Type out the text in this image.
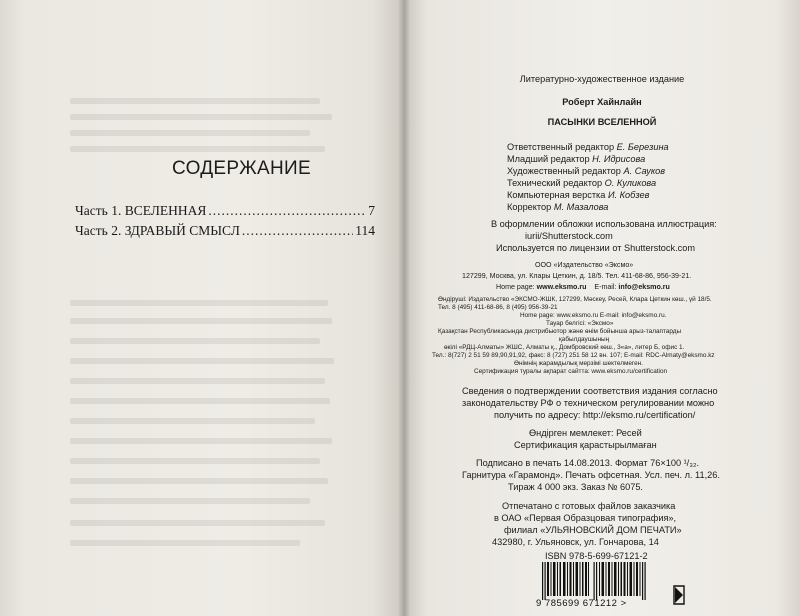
СОДЕРЖАНИЕ
Часть 1. ВСЕЛЕННАЯ .....	7
Часть 2. ЗДРАВЫЙ СМЫСЛ .....	114
Литературно-художественное издание
Роберт Хайнлайн
ПАСЫНКИ ВСЕЛЕННОЙ
Ответственный редактор Е. Березина
Младший редактор Н. Идрисова
Художественный редактор А. Сауков
Технический редактор О. Куликова
Компьютерная верстка И. Кобзев
Корректор М. Мазалова
В оформлении обложки использована иллюстрация:
iurii/Shutterstock.com
Используется по лицензии от Shutterstock.com
ООО «Издательство «Эксмо»
127299, Москва, ул. Клары Цеткин, д. 18/5. Тел. 411-68-86, 956-39-21.
Home page: www.eksmo.ru E-mail: info@eksmo.ru
Өндіруші: Издательство «ЭКСМО-ЖШК, 127299, Мәскеу, Ресей, Клара Цеткин көш., үй 18/5.
Тел. 8 (495) 411-68-86, 8 (495) 956-39-21
Home page: www.eksmo.ru E-mail: info@eksmo.ru.
Тауар белгісі: «Эксмо»
Қазақстан Республикасында дистрибьютор және өнім бойынша арыз-талаптарды
қабылдаушының
өкілі «РДЦ-Алматы» ЖШС, Алматы қ., Домбровский көш., 3«а», литер Б, офис 1.
Тел.: 8(727) 2 51 59 89,90,91,92, факс: 8 (727) 251 58 12 вн. 107; E-mail: RDC-Almaty@eksmo.kz
Өнімнің жарамдылық мерзімі шектелмеген.
Сертификация туралы ақпарат сайтта: www.eksmo.ru/certification
Сведения о подтверждении соответствия издания согласно
законодательству РФ о техническом регулировании можно
получить по адресу: http://eksmo.ru/certification/
Өндірген мемлекет: Ресей
Сертификация қарастырылмаған
Подписано в печать 14.08.2013. Формат 76×100 ¹/₃₂.
Гарнитура «Гарамонд». Печать офсетная. Усл. печ. л. 11,26.
Тираж 4 000 экз. Заказ № 6075.
Отпечатано с готовых файлов заказчика
в ОАО «Первая Образцовая типография»,
филиал «УЛЬЯНОВСКИЙ ДОМ ПЕЧАТИ»
432980, г. Ульяновск, ул. Гончарова, 14
ISBN 978-5-699-67121-2
9 785699 671212 >
